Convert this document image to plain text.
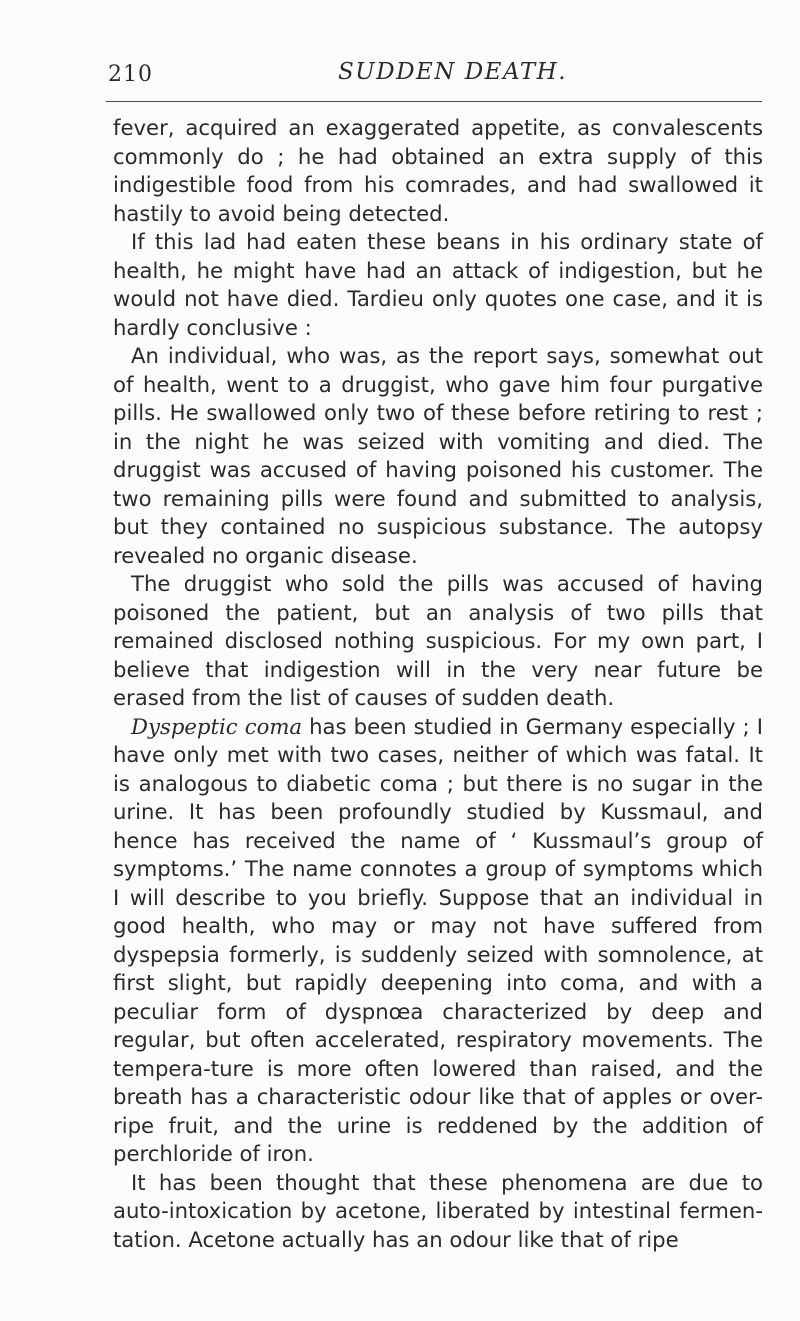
210	SUDDEN DEATH.

fever, acquired an exaggerated appetite, as convalescents commonly do ; he had obtained an extra supply of this indigestible food from his comrades, and had swallowed it hastily to avoid being detected.

If this lad had eaten these beans in his ordinary state of health, he might have had an attack of indigestion, but he would not have died. Tardieu only quotes one case, and it is hardly conclusive :

An individual, who was, as the report says, somewhat out of health, went to a druggist, who gave him four purgative pills. He swallowed only two of these before retiring to rest ; in the night he was seized with vomiting and died. The druggist was accused of having poisoned his customer. The two remaining pills were found and submitted to analysis, but they contained no suspicious substance. The autopsy revealed no organic disease.

The druggist who sold the pills was accused of having poisoned the patient, but an analysis of two pills that remained disclosed nothing suspicious. For my own part, I believe that indigestion will in the very near future be erased from the list of causes of sudden death.

Dyspeptic coma has been studied in Germany especially ; I have only met with two cases, neither of which was fatal. It is analogous to diabetic coma ; but there is no sugar in the urine. It has been profoundly studied by Kussmaul, and hence has received the name of ‘ Kussmaul’s group of symptoms.’ The name connotes a group of symptoms which I will describe to you briefly. Suppose that an individual in good health, who may or may not have suffered from dyspepsia formerly, is suddenly seized with somnolence, at first slight, but rapidly deepening into coma, and with a peculiar form of dyspnœa characterized by deep and regular, but often accelerated, respiratory movements. The tempera-ture is more often lowered than raised, and the breath has a characteristic odour like that of apples or over-ripe fruit, and the urine is reddened by the addition of perchloride of iron.

It has been thought that these phenomena are due to auto-intoxication by acetone, liberated by intestinal fermen-tation. Acetone actually has an odour like that of ripe
